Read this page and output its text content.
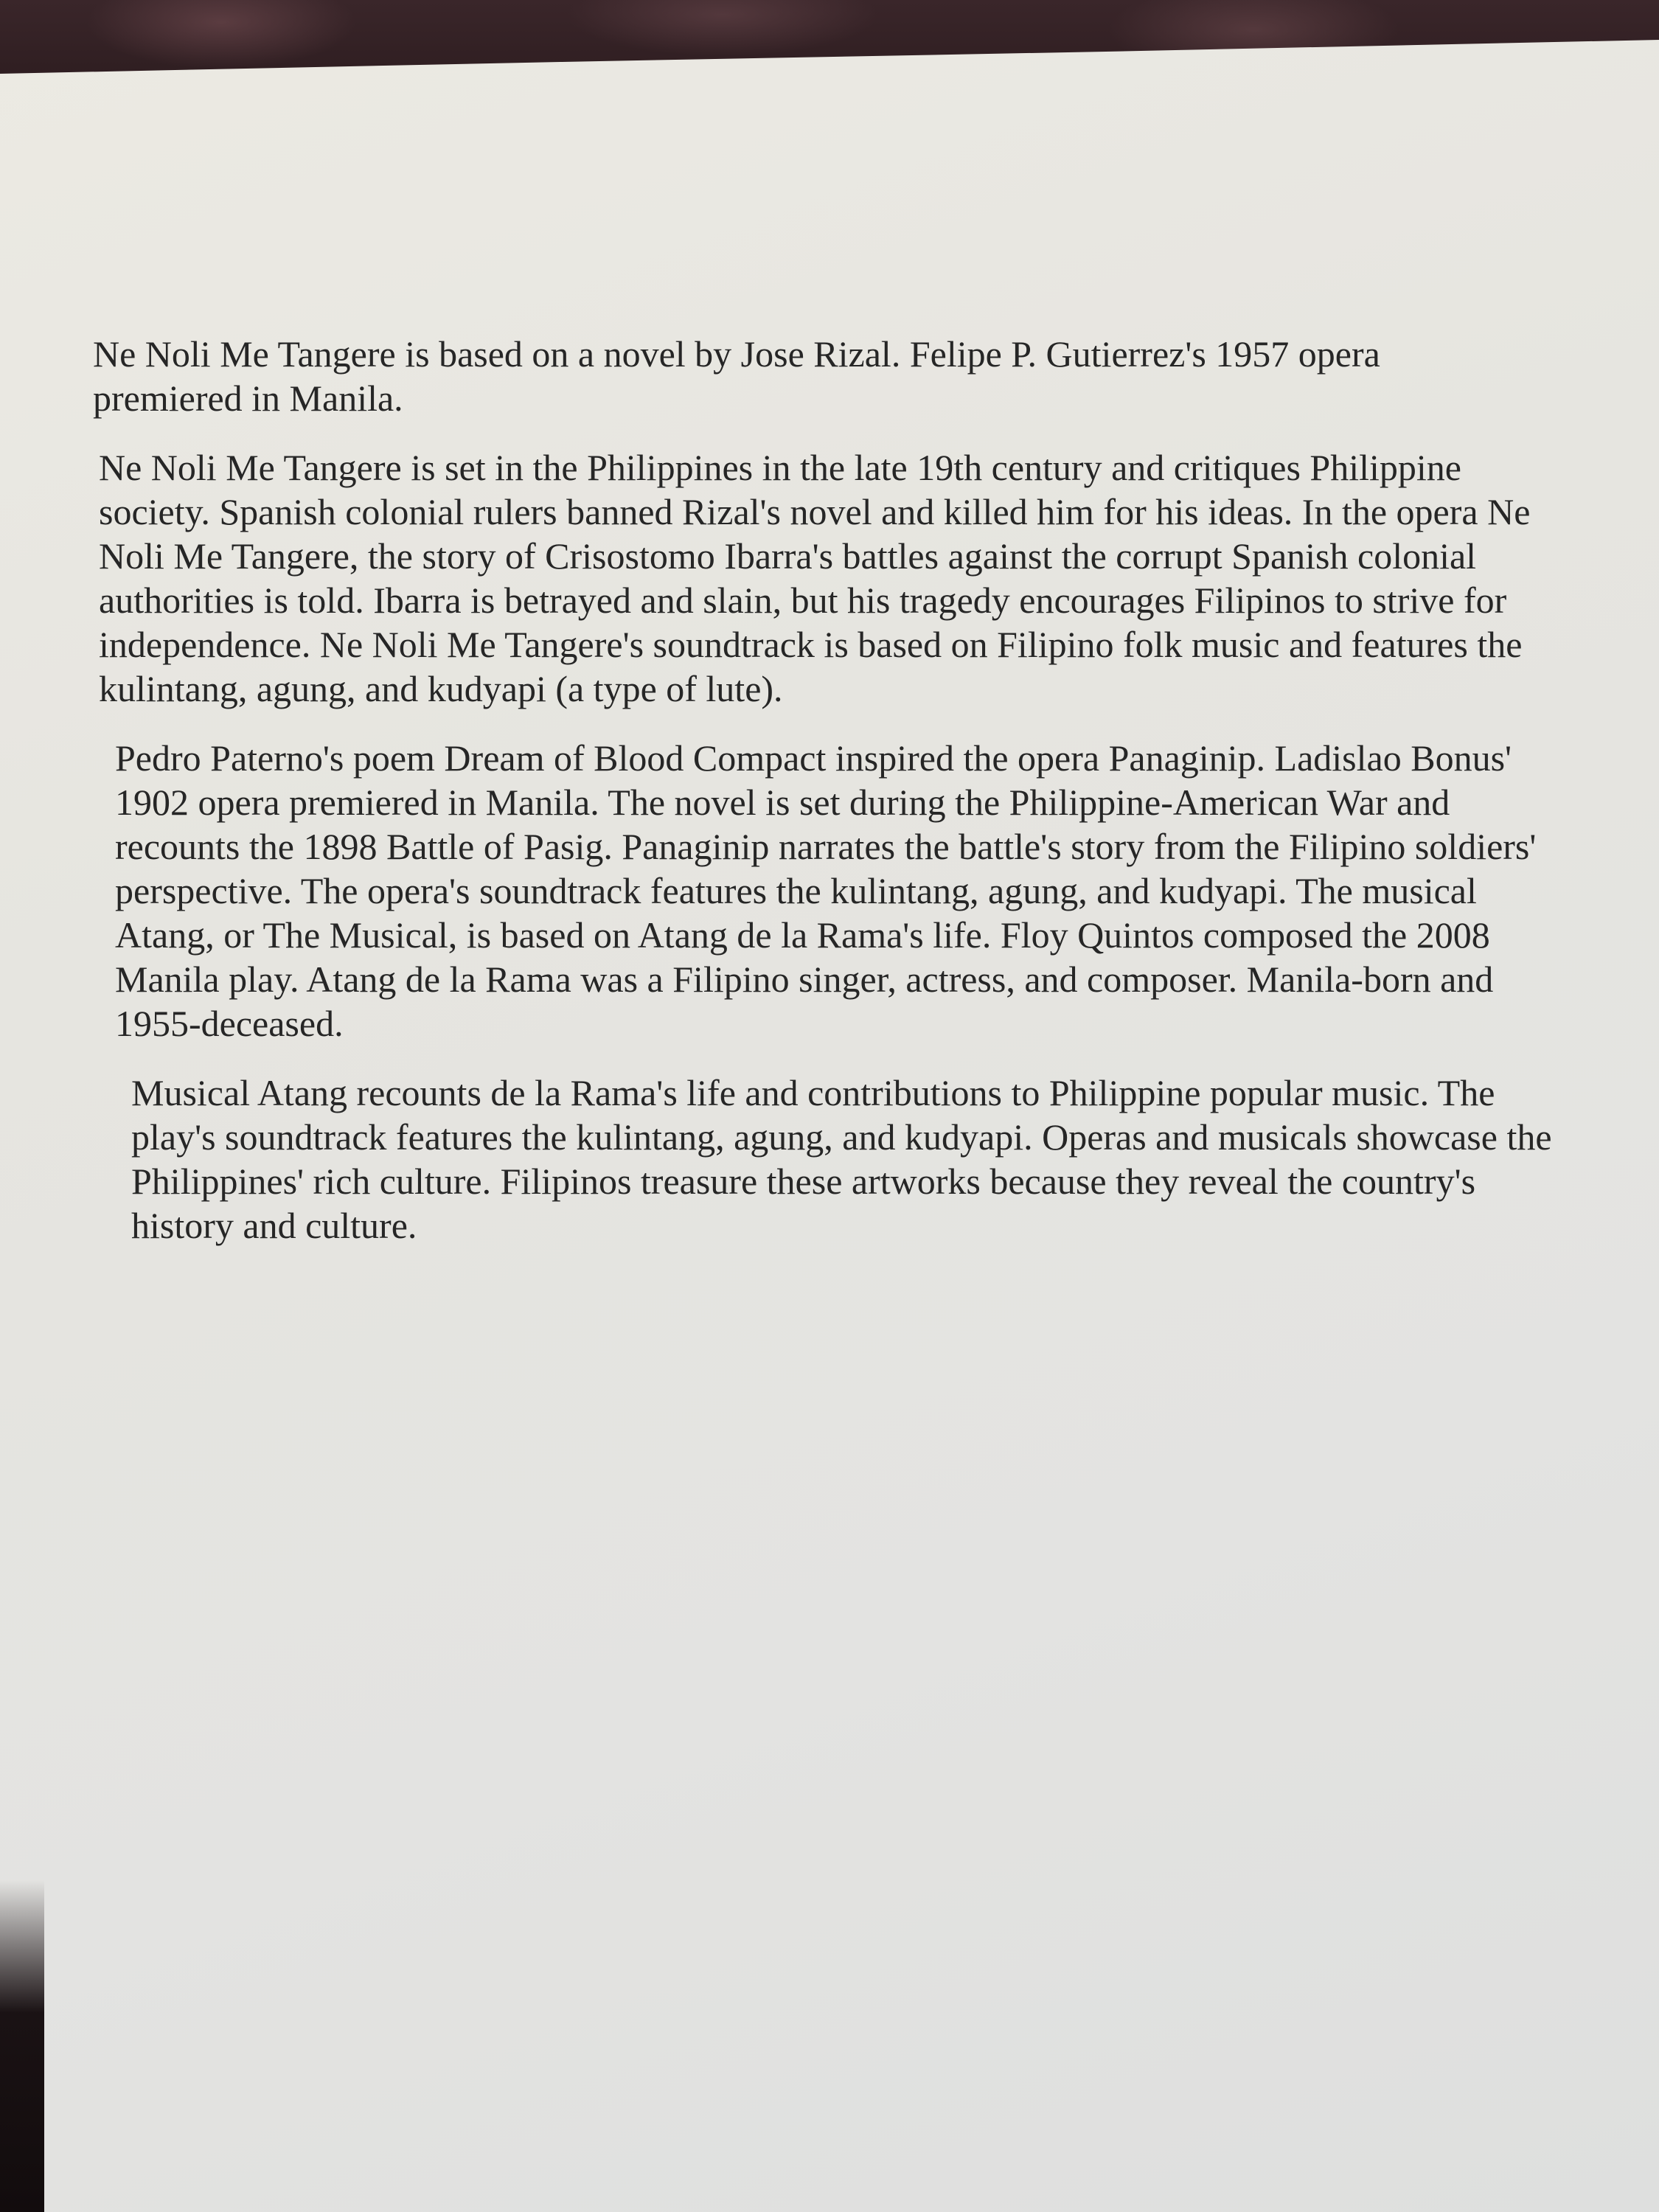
Ne Noli Me Tangere is based on a novel by Jose Rizal. Felipe P. Gutierrez's 1957 opera
premiered in Manila.

Ne Noli Me Tangere is set in the Philippines in the late 19th century and critiques Philippine
society. Spanish colonial rulers banned Rizal's novel and killed him for his ideas. In the opera Ne
Noli Me Tangere, the story of Crisostomo Ibarra's battles against the corrupt Spanish colonial
authorities is told. Ibarra is betrayed and slain, but his tragedy encourages Filipinos to strive for
independence. Ne Noli Me Tangere's soundtrack is based on Filipino folk music and features the
kulintang, agung, and kudyapi (a type of lute).

Pedro Paterno's poem Dream of Blood Compact inspired the opera Panaginip. Ladislao Bonus'
1902 opera premiered in Manila. The novel is set during the Philippine-American War and
recounts the 1898 Battle of Pasig. Panaginip narrates the battle's story from the Filipino soldiers'
perspective. The opera's soundtrack features the kulintang, agung, and kudyapi. The musical
Atang, or The Musical, is based on Atang de la Rama's life. Floy Quintos composed the 2008
Manila play. Atang de la Rama was a Filipino singer, actress, and composer. Manila-born and
1955-deceased.

Musical Atang recounts de la Rama's life and contributions to Philippine popular music. The
play's soundtrack features the kulintang, agung, and kudyapi. Operas and musicals showcase the
Philippines' rich culture. Filipinos treasure these artworks because they reveal the country's
history and culture.
